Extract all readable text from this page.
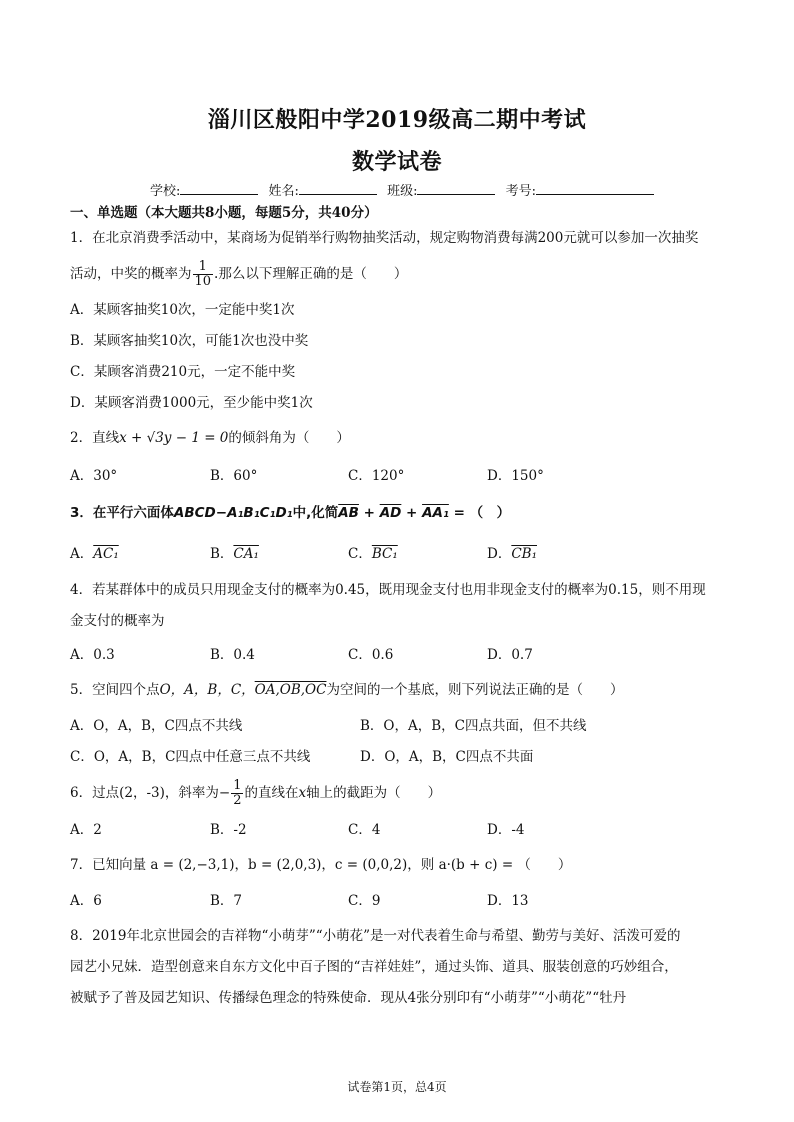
淄川区般阳中学2019级高二期中考试
数学试卷
学校:	姓名:	班级:	考号:
一、单选题（本大题共8小题，每题5分，共40分）
1．在北京消费季活动中，某商场为促销举行购物抽奖活动，规定购物消费每满200元就可以参加一次抽奖
活动，中奖的概率为 $\frac{1}{10}$ .那么以下理解正确的是（　　）
A．某顾客抽奖10次，一定能中奖1次
B．某顾客抽奖10次，可能1次也没中奖
C．某顾客消费210元，一定不能中奖
D．某顾客消费1000元，至少能中奖1次
2．直线x + √3y − 1 = 0的倾斜角为（　　）
A．30°	B．60°	C．120°	D．150°
3．在平行六面体ABCD−A₁B₁C₁D₁中,化简$\overline{AB} + \overline{AD} + AA_1$ = （　）
A．AC₁	B．CA₁	C．BC₁	D．CB₁
4．若某群体中的成员只用现金支付的概率为0.45，既用现金支付也用非现金支付的概率为0.15，则不用现
金支付的概率为
A．0.3	B．0.4	C．0.6	D．0.7
5．空间四个点O，A，B，C，OA,OB,OC为空间的一个基底，则下列说法正确的是（　　）
A．O，A，B，C四点不共线	B．O，A，B，C四点共面，但不共线
C．O，A，B，C四点中任意三点不共线	D．O，A，B，C四点不共面
6．过点(2，-3)，斜率为− $\frac{1}{2}$ 的直线在x轴上的截距为（　　）
A．2	B．-2	C．4	D．-4
7．已知向量 a = (2,−3,1)，b = (2,0,3)，c = (0,0,2)，则 a·(b + c) = （　　）
A．6	B．7	C．9	D．13
8．2019年北京世园会的吉祥物“小萌芽”“小萌花”是一对代表着生命与希望、勤劳与美好、活泼可爱的
园艺小兄妹．造型创意来自东方文化中百子图的“吉祥娃娃”，通过头饰、道具、服装创意的巧妙组合，
被赋予了普及园艺知识、传播绿色理念的特殊使命．现从4张分别印有“小萌芽”“小萌花”“牡丹
试卷第1页，总4页
